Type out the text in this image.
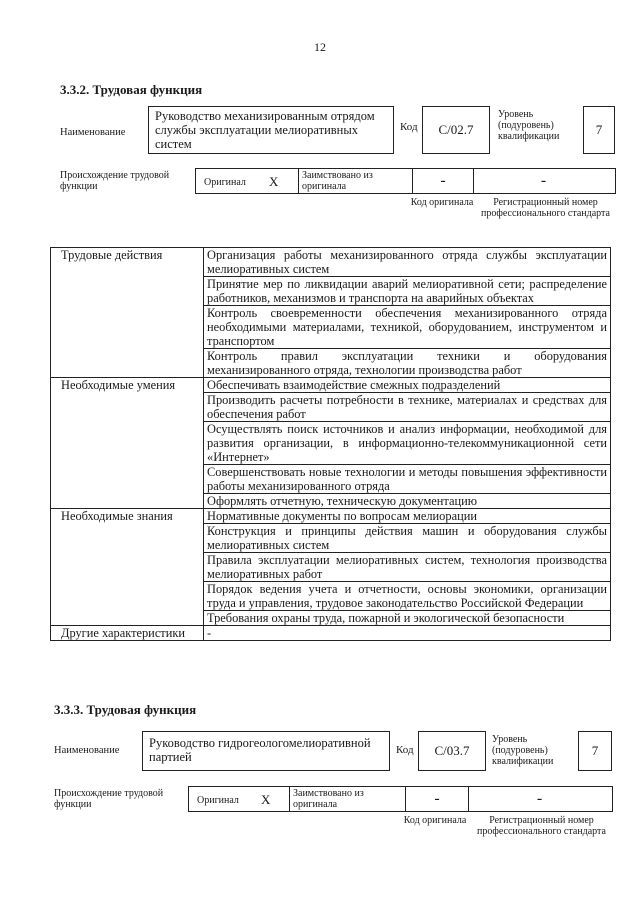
12
3.3.2. Трудовая функция
Наименование
Руководство механизированным отрядом службы эксплуатации мелиоративных систем
Код C/02.7
Уровень (подуровень) квалификации	7
Происхождение трудовой функции	Оригинал X Заимствовано из оригинала	-	-
Код оригинала	Регистрационный номер профессионального стандарта
Трудовые действия	Организация работы механизированного отряда службы эксплуатации мелиоративных систем
	Принятие мер по ликвидации аварий мелиоративной сети; распределение работников, механизмов и транспорта на аварийных объектах
	Контроль своевременности обеспечения механизированного отряда необходимыми материалами, техникой, оборудованием, инструментом и транспортом
	Контроль правил эксплуатации техники и оборудования механизированного отряда, технологии производства работ
Необходимые умения	Обеспечивать взаимодействие смежных подразделений
	Производить расчеты потребности в технике, материалах и средствах для обеспечения работ
	Осуществлять поиск источников и анализ информации, необходимой для развития организации, в информационно-телекоммуникационной сети «Интернет»
	Совершенствовать новые технологии и методы повышения эффективности работы механизированного отряда
	Оформлять отчетную, техническую документацию
Необходимые знания	Нормативные документы по вопросам мелиорации
	Конструкция и принципы действия машин и оборудования службы мелиоративных систем
	Правила эксплуатации мелиоративных систем, технология производства мелиоративных работ
	Порядок ведения учета и отчетности, основы экономики, организации труда и управления, трудовое законодательство Российской Федерации
	Требования охраны труда, пожарной и экологической безопасности
Другие характеристики	-
3.3.3. Трудовая функция
Наименование
Руководство гидрогеологомелиоративной партией	Код C/03.7
Уровень (подуровень) квалификации
7
Происхождение трудовой функции	Оригинал X Заимствовано из оригинала	-	-
Код оригинала	Регистрационный номер профессионального стандарта
